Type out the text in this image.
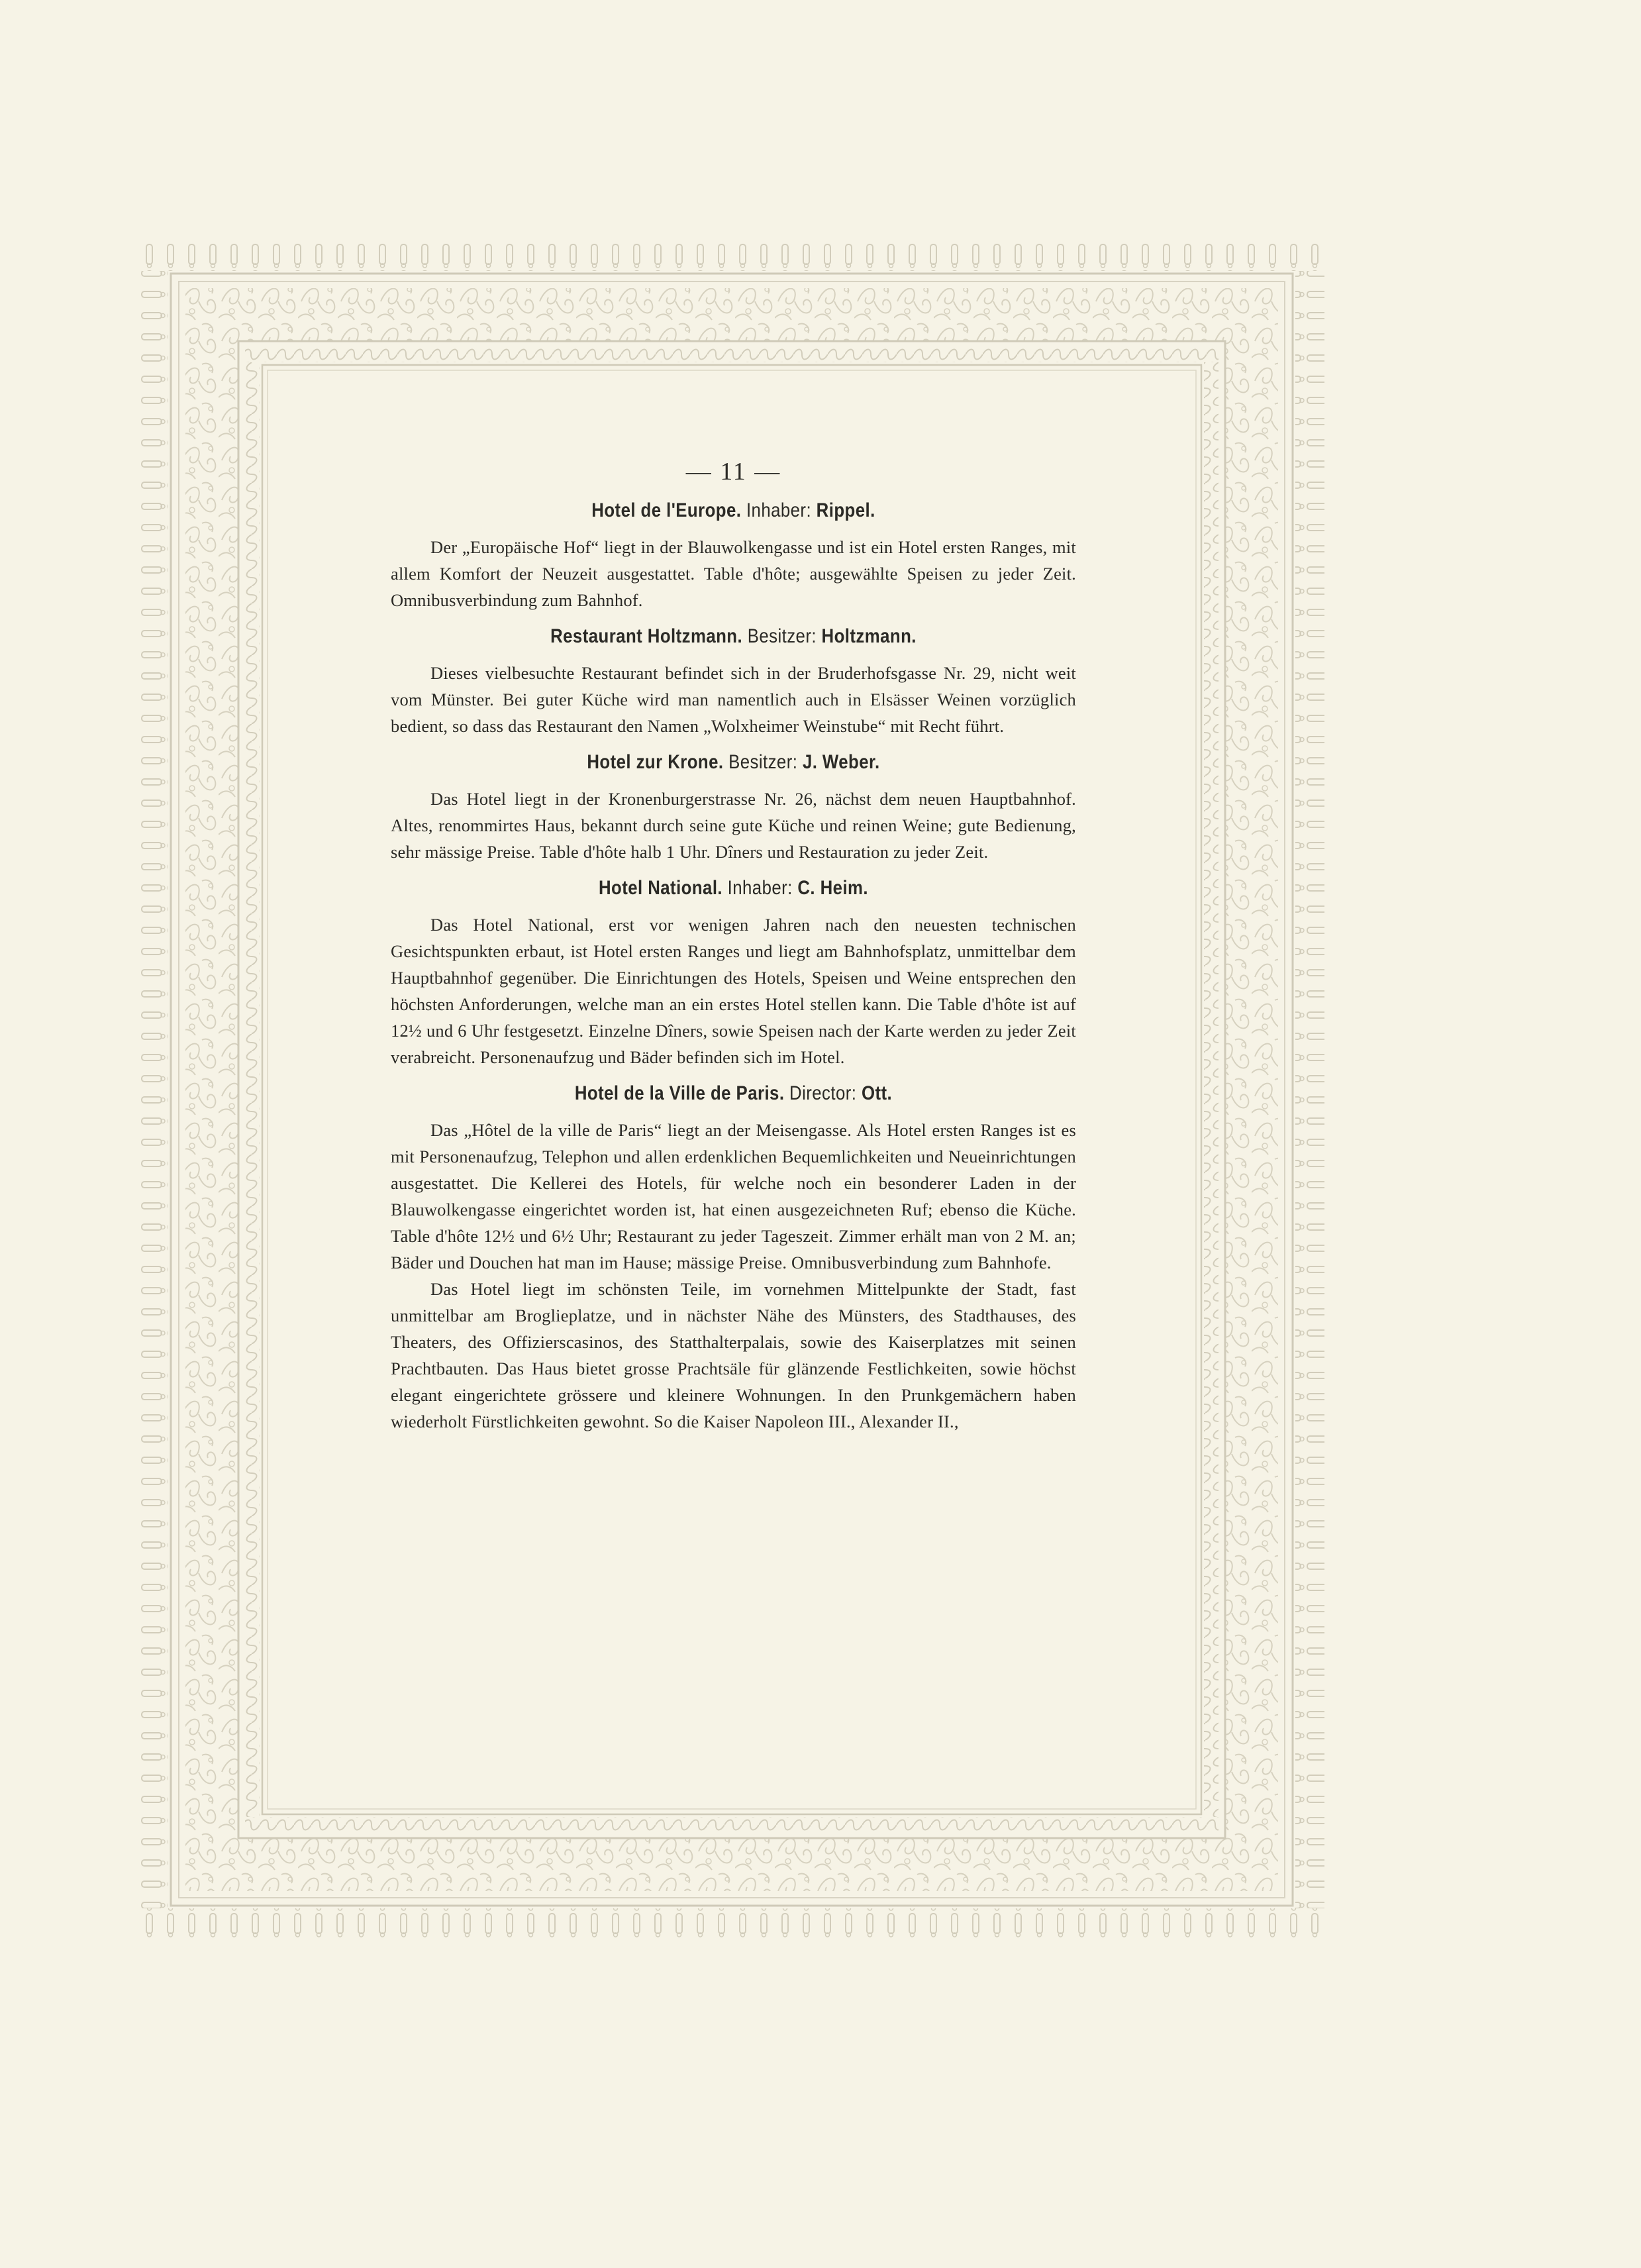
— 11 —
Hotel de l'Europe. Inhaber: Rippel.

Der „Europäische Hof“ liegt in der Blauwolkengasse und ist ein Hotel ersten Ranges, mit allem Komfort der Neuzeit ausgestattet. Table d'hôte; ausgewählte Speisen zu jeder Zeit. Omnibusverbindung zum Bahnhof.

Restaurant Holtzmann. Besitzer: Holtzmann.

Dieses vielbesuchte Restaurant befindet sich in der Bruderhofsgasse Nr. 29, nicht weit vom Münster. Bei guter Küche wird man namentlich auch in Elsässer Weinen vorzüglich bedient, so dass das Restaurant den Namen „Wolxheimer Weinstube“ mit Recht führt.

Hotel zur Krone. Besitzer: J. Weber.

Das Hotel liegt in der Kronenburgerstrasse Nr. 26, nächst dem neuen Hauptbahnhof. Altes, renommirtes Haus, bekannt durch seine gute Küche und reinen Weine; gute Bedienung, sehr mässige Preise. Table d'hôte halb 1 Uhr. Dîners und Restauration zu jeder Zeit.

Hotel National. Inhaber: C. Heim.

Das Hotel National, erst vor wenigen Jahren nach den neuesten technischen Gesichtspunkten erbaut, ist Hotel ersten Ranges und liegt am Bahnhofsplatz, unmittelbar dem Hauptbahnhof gegenüber. Die Einrichtungen des Hotels, Speisen und Weine entsprechen den höchsten Anforderungen, welche man an ein erstes Hotel stellen kann. Die Table d'hôte ist auf 12½ und 6 Uhr festgesetzt. Einzelne Dîners, sowie Speisen nach der Karte werden zu jeder Zeit verabreicht. Personenaufzug und Bäder befinden sich im Hotel.

Hotel de la Ville de Paris. Director: Ott.

Das „Hôtel de la ville de Paris“ liegt an der Meisengasse. Als Hotel ersten Ranges ist es mit Personenaufzug, Telephon und allen erdenklichen Bequemlichkeiten und Neueinrichtungen ausgestattet. Die Kellerei des Hotels, für welche noch ein besonderer Laden in der Blauwolkengasse eingerichtet worden ist, hat einen ausgezeichneten Ruf; ebenso die Küche. Table d'hôte 12½ und 6½ Uhr; Restaurant zu jeder Tageszeit. Zimmer erhält man von 2 M. an; Bäder und Douchen hat man im Hause; mässige Preise. Omnibusverbindung zum Bahnhofe.

Das Hotel liegt im schönsten Teile, im vornehmen Mittelpunkte der Stadt, fast unmittelbar am Broglieplatze, und in nächster Nähe des Münsters, des Stadthauses, des Theaters, des Offizierscasinos, des Statthalterpalais, sowie des Kaiserplatzes mit seinen Prachtbauten. Das Haus bietet grosse Prachtsäle für glänzende Festlichkeiten, sowie höchst elegant eingerichtete grössere und kleinere Wohnungen. In den Prunkgemächern haben wiederholt Fürstlichkeiten gewohnt. So die Kaiser Napoleon III., Alexander II.,
